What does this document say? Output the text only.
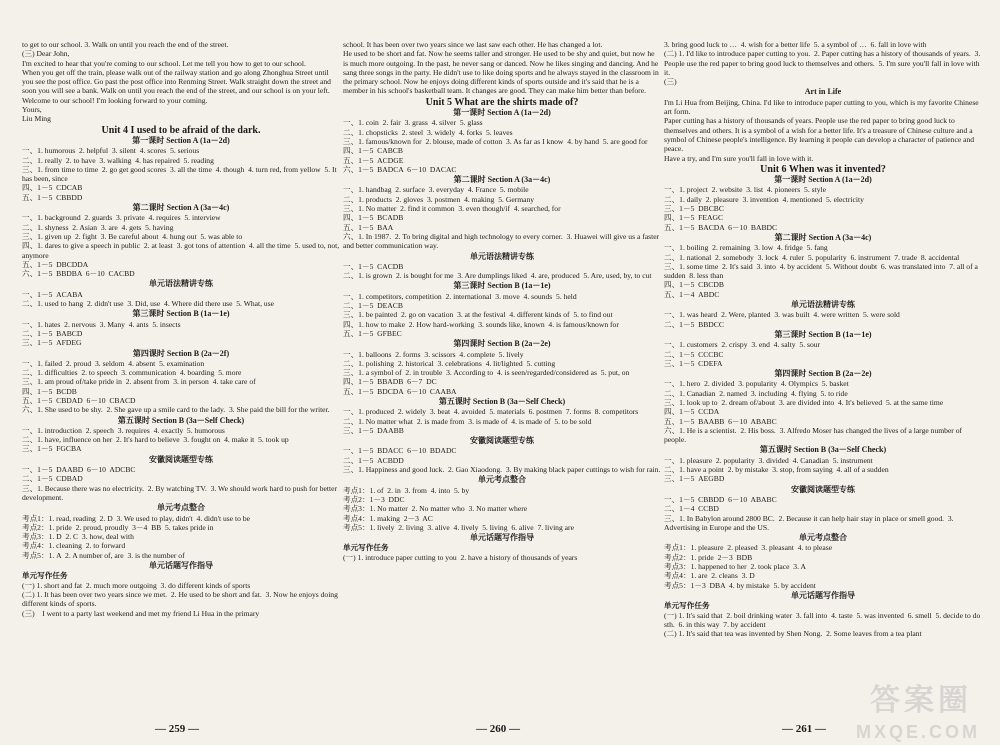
to get to our school. 3. Walk on until you reach the end of the street.

(三) Dear John,

I'm excited to hear that you're coming to our school. Let me tell you how to get to our school.

When you get off the train, please walk out of the railway station and go along Zhonghua Street until you see the post office. Go past the post office into Renming Street. Walk straight down the street and soon you will see a bank. Walk on until you reach the end of the street, and our school is on your left.

Welcome to our school! I'm looking forward to your coming.

Yours,

Liu Ming

Unit 4 I used to be afraid of the dark.
第一课时 Section A (1a－2d)

一、1. humorous  2. helpful  3. silent  4. scores  5. serious

二、1. really  2. to have  3. walking  4. has repaired  5. reading

三、1. from time to time  2. go get good scores  3. all the time  4. though  4. turn red, from yellow  5. It has been, since

四、1－5  CDCAB

五、1－5  CBBDD

第二课时 Section A (3a－4c)

一、1. background  2. guards  3. private  4. requires  5. interview

二、1. shyness  2. Asian  3. are  4. gets  5. having

三、1. given up  2. fight  3. Be careful about  4. hung out  5. was able to

四、1. dares to give a speech in public  2. at least  3. got tons of attention  4. all the time  5. used to, not, anymore

五、1－5  DBCDDA

六、1－5  BBDBA  6－10  CACBD

单元语法精讲专练

一、1－5  ACABA

二、1. used to hang  2. didn't use  3. Did, use  4. Where did there use  5. What, use

第三课时 Section B (1a－1e)

一、1. hates  2. nervous  3. Many  4. ants  5. insects

二、1－5  BABCD

三、1－5  AFDEG

第四课时 Section B (2a－2f)

一、1. failed  2. proud  3. seldom  4. absent  5. examination

二、1. difficulties  2. to speech  3. communication  4. boarding  5. more

三、1. am proud of/take pride in  2. absent from  3. in person  4. take care of

四、1－5  BCDB

五、1－5  CBDAD  6－10  CBACD

六、1. She used to be shy.  2. She gave up a smile card to the lady.  3. She paid the bill for the writer.

第五课时 Section B (3a－Self Check)

一、1. introduction  2. speech  3. requires  4. exactly  5. humorous

二、1. have, influence on her  2. It's hard to believe  3. fought on  4. make it  5. took up

三、1－5  FGCBA

安徽阅读题型专练

一、1－5  DAABD  6－10  ADCBC

二、1－5  CDBAD

三、1. Because there was no electricity.  2. By watching TV.  3. We should work hard to push for better development.

单元考点整合

考点1：1. read, reading  2. D  3. We used to play, didn't  4. didn't use to be

考点2：1. pride  2. proud, proudly  3－4  BB  5. takes pride in

考点3：1. D  2. C  3. how, deal with

考点4：1. cleaning  2. to forward

考点5：1. A  2. A number of, are  3. is the number of

单元话题写作指导
单元写作任务

(一) 1. short and fat  2. much more outgoing  3. do different kinds of sports

(二) 1. It has been over two years since we met.  2. He used to be short and fat.  3. Now he enjoys doing different kinds of sports.

(三)    I went to a party last weekend and met my friend Li Hua in the primary

school. It has been over two years since we last saw each other. He has changed a lot.

He used to be short and fat. Now he seems taller and stronger. He used to be shy and quiet, but now he is much more outgoing. In the past, he never sang or danced. Now he likes singing and dancing. And he sang three songs in the party. He didn't use to like doing sports and he always stayed in the classroom in the primary school. Now he enjoys doing different kinds of sports outside and it's said that he is a member in his school's basketball team. It changes are good. They can make him better than before.

Unit 5 What are the shirts made of?
第一课时 Section A (1a－2d)

一、1. coin  2. fair  3. grass  4. silver  5. glass

二、1. chopsticks  2. steel  3. widely  4. forks  5. leaves

三、1. famous/known for  2. blouse, made of cotton  3. As far as I know  4. by hand  5. are good for

四、1－5  CABCB

五、1－5  ACDGE

六、1－5  BADCA  6－10  DACAC

第二课时 Section A (3a－4c)

一、1. handbag  2. surface  3. everyday  4. France  5. mobile

二、1. products  2. gloves  3. postmen  4. making  5. Germany

三、1. No matter  2. find it common  3. even though/if  4. searched, for

四、1－5  BCADB

五、1－5  BAA

六、1. In 1987.  2. To bring digital and high technology to every corner.  3. Huawei will give us a faster and better communication way.

单元语法精讲专练

一、1－5  CACDB

二、1. is grown  2. is bought for me  3. Are dumplings liked  4. are, produced  5. Are, used, by, to cut

第三课时 Section B (1a－1e)

一、1. competitors, competition  2. international  3. move  4. sounds  5. held

二、1－5  DEACB

三、1. be painted  2. go on vacation  3. at the festival  4. different kinds of  5. to find out

四、1. how to make  2. How hard-working  3. sounds like, known  4. is famous/known for

五、1－5  GFBEC

第四课时 Section B (2a－2e)

一、1. balloons  2. forms  3. scissors  4. complete  5. lively

二、1. polishing  2. historical  3. celebrations  4. lit/lighted  5. cutting

三、1. a symbol of  2. in trouble  3. According to  4. is seen/regarded/considered as  5. put, on

四、1－5  BBADB  6－7  DC

五、1－5  BDCDA  6－10  CAABA

第五课时 Section B (3a－Self Check)

一、1. produced  2. widely  3. beat  4. avoided  5. materials  6. postmen  7. forms  8. competitors

二、1. No matter what  2. is made from  3. is made of  4. is made of  5. to be sold

三、1－5  DAABB

安徽阅读题型专练

一、1－5  BDACC  6－10  BDADC

二、1－5  ACBDD

三、1. Happiness and good luck.  2. Gao Xiaodong.  3. By making black paper cuttings to wish for rain.

单元考点整合

考点1：1. of  2. in  3. from  4. into  5. by

考点2：1－3  DDC

考点3：1. No matter  2. No matter who  3. No matter where

考点4：1. making  2－3  AC

考点5：1. lively  2. living  3. alive  4. lively  5. living  6. alive  7. living are

单元话题写作指导
单元写作任务

(一) 1. introduce paper cutting to you  2. have a history of thousands of years

3. bring good luck to …  4. wish for a better life  5. a symbol of …  6. fall in love with

(二) 1. I'd like to introduce paper cutting to you.  2. Paper cutting has a history of thousands of years.  3. People use the red paper to bring good luck to themselves and others.  5. I'm sure you'll fall in love with it.

(三)

Art in Life

I'm Li Hua from Beijing, China. I'd like to introduce paper cutting to you, which is my favorite Chinese art form.

Paper cutting has a history of thousands of years. People use the red paper to bring good luck to themselves and others. It is a symbol of a wish for a better life. It's a treasure of Chinese culture and a symbol of Chinese people's intelligence. By learning it people can develop a character of patience and peace.

Have a try, and I'm sure you'll fall in love with it.

Unit 6 When was it invented?
第一课时 Section A (1a－2d)

一、1. project  2. website  3. list  4. pioneers  5. style

二、1. daily  2. pleasure  3. invention  4. mentioned  5. electricity

三、1－5  DBCBC

四、1－5  FEAGC

五、1－5  BACDA  6－10  BABDC

第二课时 Section A (3a－4c)

一、1. boiling  2. remaining  3. low  4. fridge  5. fang

二、1. national  2. somebody  3. lock  4. ruler  5. popularity  6. instrument  7. trade  8. accidental

三、1. some time  2. It's said  3. into  4. by accident  5. Without doubt  6. was translated into  7. all of a sudden  8. less than

四、1－5  CBCDB

五、1－4  ABDC

单元语法精讲专练

一、1. was heard  2. Were, planted  3. was built  4. were written  5. were sold

二、1－5  BBDCC

第三课时 Section B (1a－1e)

一、1. customers  2. crispy  3. end  4. salty  5. sour

二、1－5  CCCBC

三、1－5  CDEFA

第四课时 Section B (2a－2e)

一、1. hero  2. divided  3. popularity  4. Olympics  5. basket

二、1. Canadian  2. named  3. including  4. flying  5. to ride

三、1. look up to  2. dream of/about  3. are divided into  4. It's believed  5. at the same time

四、1－5  CCDA

五、1－5  BAABB  6－10  ABABC

六、1. He is a scientist.  2. His boss.  3. Alfredo Moser has changed the lives of a large number of people.

第五课时 Section B (3a－Self Check)

一、1. pleasure  2. popularity  3. divided  4. Canadian  5. instrument

二、1. have a point  2. by mistake  3. stop, from saying  4. all of a sudden

三、1－5  AEGBD

安徽阅读题型专练

一、1－5  CBBDD  6－10  ABABC

二、1－4  CCBD

三、1. In Babylon around 2800 BC.  2. Because it can help hair stay in place or smell good.  3. Advertising in Europe and the US.

单元考点整合

考点1：1. pleasure  2. pleased  3. pleasant  4. to please

考点2：1. pride  2－3  BDB

考点3：1. happened to her  2. took place  3. A

考点4：1. are  2. cleans  3. D

考点5：1－3  DBA  4. by mistake  5. by accident

单元话题写作指导
单元写作任务

(一) 1. It's said that  2. boil drinking water  3. fall into  4. taste  5. was invented  6. smell  5. decide to do sth.  6. in this way  7. by accident

(二) 1. It's said that tea was invented by Shen Nong.  2. Some leaves from a tea plant

— 259 —	— 260 —	— 261 —
答案圈
MXQE.COM
